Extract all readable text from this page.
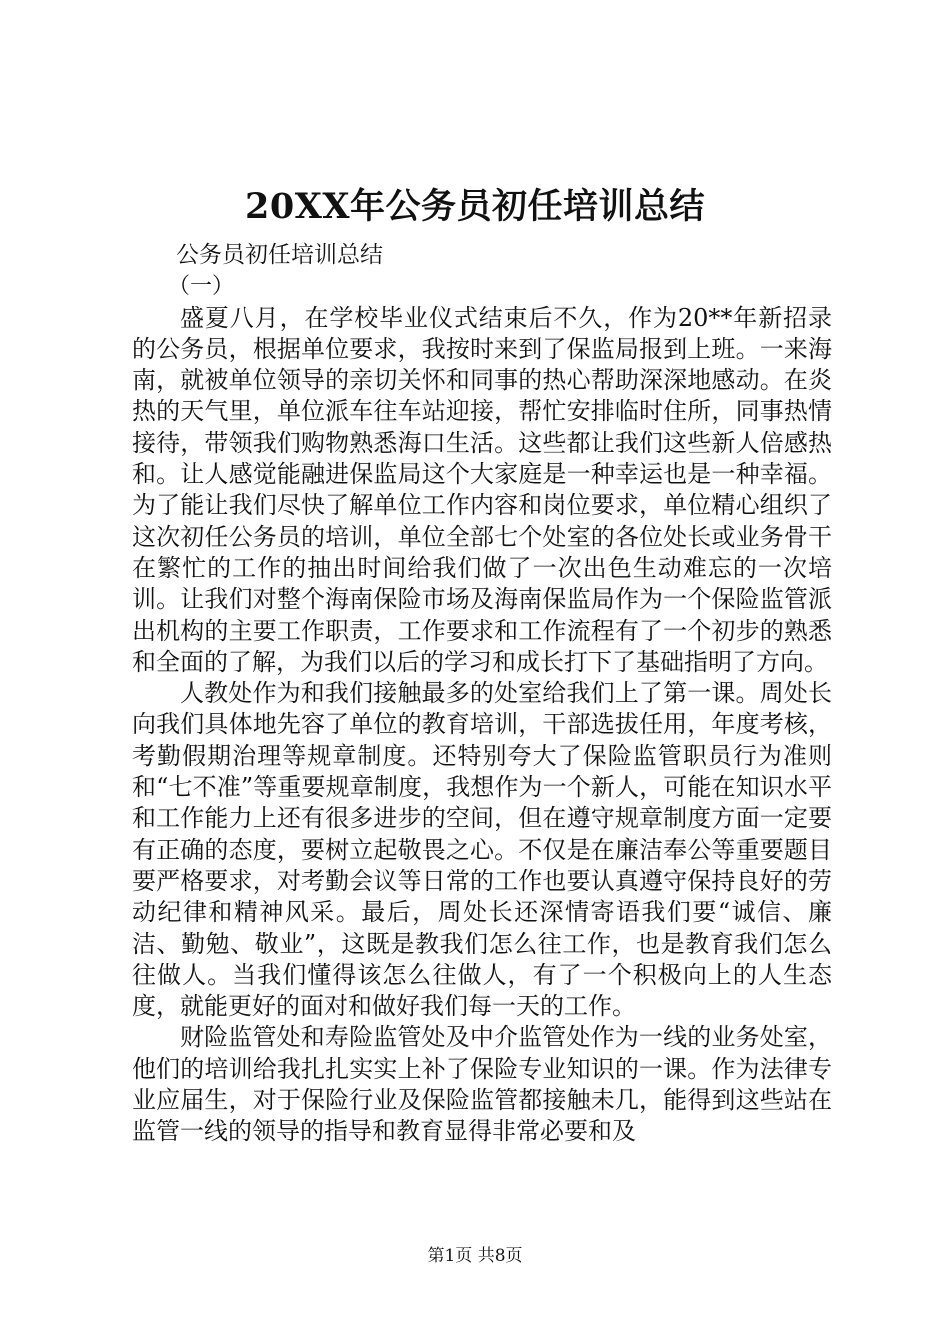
20XX年公务员初任培训总结

公务员初任培训总结

（一）

盛夏八月，在学校毕业仪式结束后不久，作为20**年新招录的公务员，根据单位要求，我按时来到了保监局报到上班。一来海南，就被单位领导的亲切关怀和同事的热心帮助深深地感动。在炎热的天气里，单位派车往车站迎接，帮忙安排临时住所，同事热情接待，带领我们购物熟悉海口生活。这些都让我们这些新人倍感热和。让人感觉能融进保监局这个大家庭是一种幸运也是一种幸福。为了能让我们尽快了解单位工作内容和岗位要求，单位精心组织了这次初任公务员的培训，单位全部七个处室的各位处长或业务骨干在繁忙的工作的抽出时间给我们做了一次出色生动难忘的一次培训。让我们对整个海南保险市场及海南保监局作为一个保险监管派出机构的主要工作职责，工作要求和工作流程有了一个初步的熟悉和全面的了解，为我们以后的学习和成长打下了基础指明了方向。

人教处作为和我们接触最多的处室给我们上了第一课。周处长向我们具体地先容了单位的教育培训，干部选拔任用，年度考核，考勤假期治理等规章制度。还特别夸大了保险监管职员行为准则和“七不准”等重要规章制度，我想作为一个新人，可能在知识水平和工作能力上还有很多进步的空间，但在遵守规章制度方面一定要有正确的态度，要树立起敬畏之心。不仅是在廉洁奉公等重要题目要严格要求，对考勤会议等日常的工作也要认真遵守保持良好的劳动纪律和精神风采。最后，周处长还深情寄语我们要“诚信、廉洁、勤勉、敬业”，这既是教我们怎么往工作，也是教育我们怎么往做人。当我们懂得该怎么往做人，有了一个积极向上的人生态度，就能更好的面对和做好我们每一天的工作。

财险监管处和寿险监管处及中介监管处作为一线的业务处室，他们的培训给我扎扎实实上补了保险专业知识的一课。作为法律专业应届生，对于保险行业及保险监管都接触未几，能得到这些站在监管一线的领导的指导和教育显得非常必要和及

第1页 共8页
